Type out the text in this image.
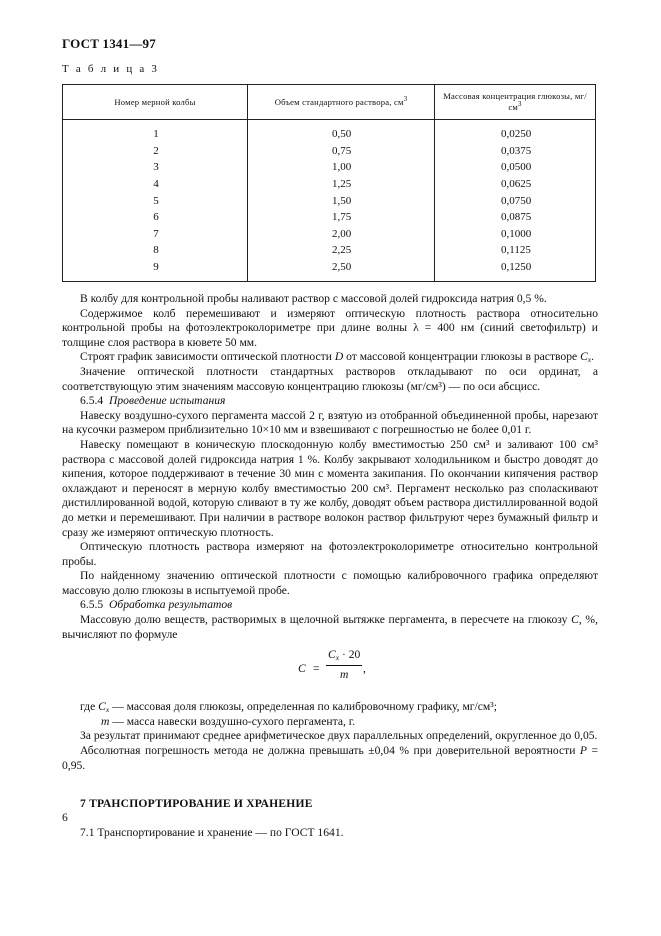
ГОСТ 1341—97
Т а б л и ц а 3
Номер мерной колбы	Объем стандартного раствора, $см^3$	Массовая концентрация глюкозы, $мг/см^3$
1	0,50	0,0250
2	0,75	0,0375
3	1,00	0,0500
4	1,25	0,0625
5	1,50	0,0750
6	1,75	0,0875
7	2,00	0,1000
8	2,25	0,1125
9	2,50	0,1250

В колбу для контрольной пробы наливают раствор с массовой долей гидроксида натрия 0,5 %.

Содержимое колб перемешивают и измеряют оптическую плотность раствора относительно контрольной пробы на фотоэлектроколориметре при длине волны λ = 400 нм (синий светофильтр) и толщине слоя раствора в кювете 50 мм.

Строят график зависимости оптической плотности D от массовой концентрации глюкозы в растворе $C_x$.

Значение оптической плотности стандартных растворов откладывают по оси ординат, а соответствующую этим значениям массовую концентрацию глюкозы (мг/см³) — по оси абсцисс.

6.5.4 Проведение испытания

Навеску воздушно-сухого пергамента массой 2 г, взятую из отобранной объединенной пробы, нарезают на кусочки размером приблизительно 10×10 мм и взвешивают с погрешностью не более 0,01 г.

Навеску помещают в коническую плоскодонную колбу вместимостью 250 см³ и заливают 100 см³ раствора с массовой долей гидроксида натрия 1 %. Колбу закрывают холодильником и быстро доводят до кипения, которое поддерживают в течение 30 мин с момента закипания. По окончании кипячения раствор охлаждают и переносят в мерную колбу вместимостью 200 см³. Пергамент несколько раз споласкивают дистиллированной водой, которую сливают в ту же колбу, доводят объем раствора дистиллированной водой до метки и перемешивают. При наличии в растворе волокон раствор фильтруют через бумажный фильтр и сразу же измеряют оптическую плотность.

Оптическую плотность раствора измеряют на фотоэлектроколориметре относительно контрольной пробы.

По найденному значению оптической плотности с помощью калибровочного графика определяют массовую долю глюкозы в испытуемой пробе.

6.5.5 Обработка результатов

Массовую долю веществ, растворимых в щелочной вытяжке пергамента, в пересчете на глюкозу С, %, вычисляют по формуле

C =
$C_x \cdot 20$
m ,

где $C_x$ — массовая доля глюкозы, определенная по калибровочному графику, мг/см³;

m — масса навески воздушно-сухого пергамента, г.

За результат принимают среднее арифметическое двух параллельных определений, округленное до 0,05.

Абсолютная погрешность метода не должна превышать ±0,04 % при доверительной вероятности P = 0,95.

7 ТРАНСПОРТИРОВАНИЕ И ХРАНЕНИЕ

7.1 Транспортирование и хранение — по ГОСТ 1641.

6
